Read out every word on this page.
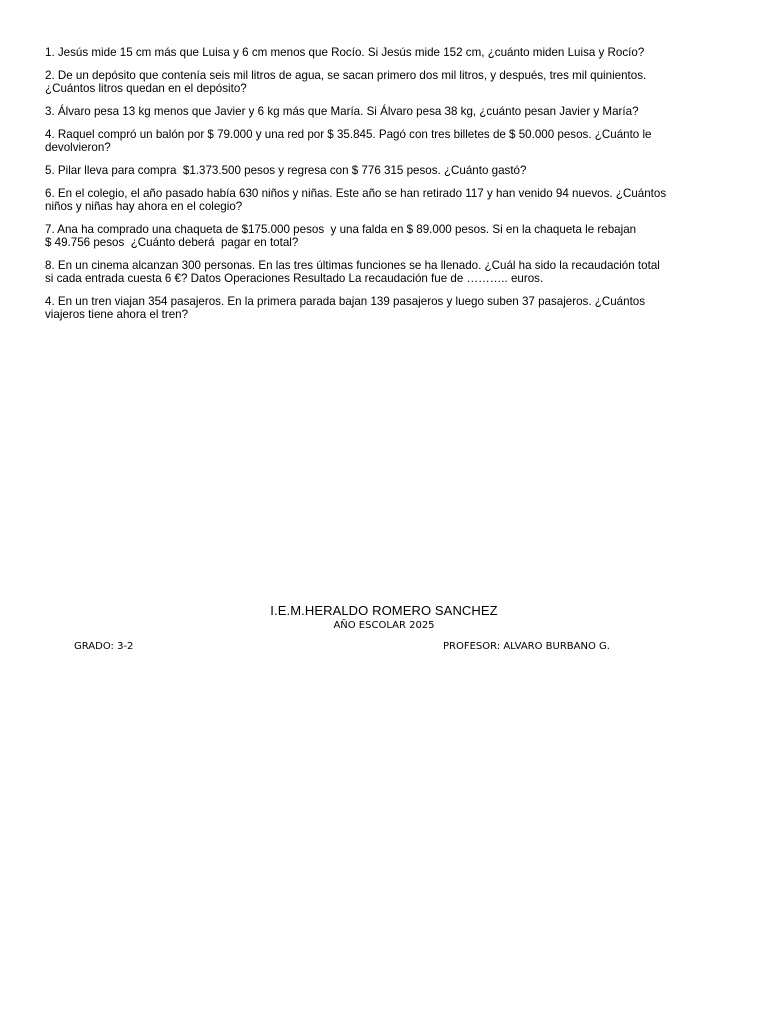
1. Jesús mide 15 cm más que Luisa y 6 cm menos que Rocío. Si Jesús mide 152 cm, ¿cuánto miden Luisa y Rocío?

2. De un depósito que contenía seis mil litros de agua, se sacan primero dos mil litros, y después, tres mil quinientos.
¿Cuántos litros quedan en el depósito?

3. Álvaro pesa 13 kg menos que Javier y 6 kg más que María. Si Álvaro pesa 38 kg, ¿cuánto pesan Javier y María?

4. Raquel compró un balón por $ 79.000 y una red por $ 35.845. Pagó con tres billetes de $ 50.000 pesos. ¿Cuánto le
devolvieron?

5. Pilar lleva para compra  $1.373.500 pesos y regresa con $ 776 315 pesos. ¿Cuánto gastó?

6. En el colegio, el año pasado había 630 niños y niñas. Este año se han retirado 117 y han venido 94 nuevos. ¿Cuántos
niños y niñas hay ahora en el colegio?

7. Ana ha comprado una chaqueta de $175.000 pesos  y una falda en $ 89.000 pesos. Si en la chaqueta le rebajan
$ 49.756 pesos  ¿Cuánto deberá  pagar en total?

8. En un cinema alcanzan 300 personas. En las tres últimas funciones se ha llenado. ¿Cuál ha sido la recaudación total
si cada entrada cuesta 6 €? Datos Operaciones Resultado La recaudación fue de ……….. euros.

4. En un tren viajan 354 pasajeros. En la primera parada bajan 139 pasajeros y luego suben 37 pasajeros. ¿Cuántos
viajeros tiene ahora el tren?

I.E.M.HERALDO ROMERO SANCHEZ
AÑO ESCOLAR 2025
GRADO: 3-2	PROFESOR: ALVARO BURBANO G.
